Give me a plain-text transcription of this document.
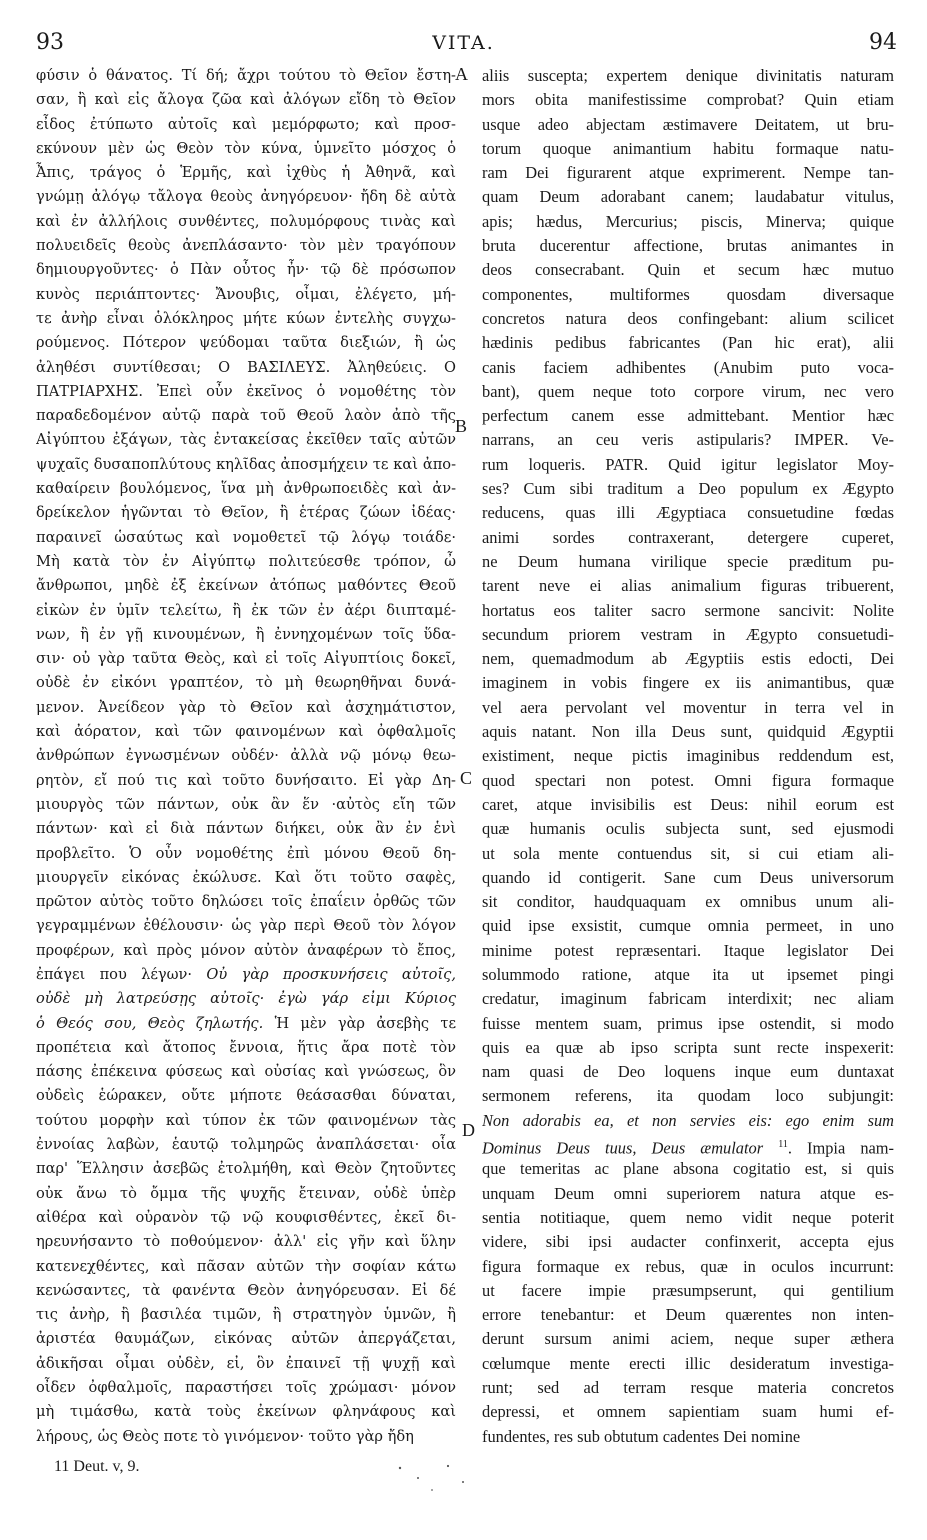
93	VITA.	94
φύσιν ὁ θάνατος. Τί δή; ἄχρι τούτου τὸ Θεῖον ἔστη-
σαν, ἢ καὶ εἰς ἄλογα ζῶα καὶ ἀλόγων εἴδη τὸ Θεῖον
εἶδος ἐτύπωτο αὐτοῖς καὶ μεμόρφωτο; καὶ προσ-
εκύνουν μὲν ὡς Θεὸν τὸν κύνα, ὑμνεῖτο μόσχος ὁ
Ἆπις, τράγος ὁ Ἑρμῆς, καὶ ἰχθὺς ἡ Ἀθηνᾶ, καὶ
γνώμῃ ἀλόγῳ τἄλογα θεοὺς ἀνηγόρευον· ἤδη δὲ αὐτὰ
καὶ ἐν ἀλλήλοις συνθέντες, πολυμόρφους τινὰς καὶ
πολυειδεῖς θεοὺς ἀνεπλάσαντο· τὸν μὲν τραγόπουν
δημιουργοῦντες· ὁ Πὰν οὗτος ἦν· τῷ δὲ πρόσωπον
κυνὸς περιάπτοντες· Ἄνουβις, οἶμαι, ἐλέγετο, μή-
τε ἀνὴρ εἶναι ὁλόκληρος μήτε κύων ἐντελὴς συγχω-
ρούμενος. Πότερον ψεύδομαι ταῦτα διεξιών, ἢ ὡς
ἀληθέσι συντίθεσαι; Ο ΒΑΣΙΛΕΥΣ. Ἀληθεύεις. Ο
ΠΑΤΡΙΑΡΧΗΣ. Ἐπεὶ οὖν ἐκεῖνος ὁ νομοθέτης τὸν
παραδεδομένον αὐτῷ παρὰ τοῦ Θεοῦ λαὸν ἀπὸ τῆς
Αἰγύπτου ἐξάγων, τὰς ἐντακείσας ἐκεῖθεν ταῖς αὐτῶν
ψυχαῖς δυσαποπλύτους κηλῖδας ἀποσμήχειν τε καὶ ἀπο-
καθαίρειν βουλόμενος, ἵνα μὴ ἀνθρωποειδὲς καὶ ἀν-
δρείκελον ἡγῶνται τὸ Θεῖον, ἢ ἑτέρας ζώων ἰδέας·
παραινεῖ ὡσαύτως καὶ νομοθετεῖ τῷ λόγῳ τοιάδε·
Μὴ κατὰ τὸν ἐν Αἰγύπτῳ πολιτεύεσθε τρόπον, ὦ
ἄνθρωποι, μηδὲ ἐξ ἐκείνων ἀτόπως μαθόντες Θεοῦ
εἰκὼν ἐν ὑμῖν τελείτω, ἢ ἐκ τῶν ἐν ἀέρι διιπταμέ-
νων, ἢ ἐν γῇ κινουμένων, ἢ ἐννηχομένων τοῖς ὕδα-
σιν· οὐ γὰρ ταῦτα Θεὸς, καὶ εἰ τοῖς Αἰγυπτίοις δοκεῖ,
οὐδὲ ἐν εἰκόνι γραπτέον, τὸ μὴ θεωρηθῆναι δυνά-
μενον. Ἀνείδεον γὰρ τὸ Θεῖον καὶ ἀσχημάτιστον,
καὶ ἀόρατον, καὶ τῶν φαινομένων καὶ ὀφθαλμοῖς
ἀνθρώπων ἐγνωσμένων οὐδέν· ἀλλὰ νῷ μόνῳ θεω-
ρητὸν, εἴ πού τις καὶ τοῦτο δυνήσαιτο. Εἰ γὰρ Δη-
μιουργὸς τῶν πάντων, οὐκ ἂν ἕν ·αὐτὸς εἴη τῶν
πάντων· καὶ εἰ διὰ πάντων διήκει, οὐκ ἂν ἐν ἑνὶ
προβλεῖτο. Ὁ οὖν νομοθέτης ἐπὶ μόνου Θεοῦ δη-
μιουργεῖν εἰκόνας ἐκώλυσε. Καὶ ὅτι τοῦτο σαφὲς,
πρῶτον αὐτὸς τοῦτο δηλώσει τοῖς ἐπαΐειν ὀρθῶς τῶν
γεγραμμένων ἐθέλουσιν· ὡς γὰρ περὶ Θεοῦ τὸν λόγον
προφέρων, καὶ πρὸς μόνον αὐτὸν ἀναφέρων τὸ ἔπος,
ἐπάγει που λέγων· Οὐ γὰρ προσκυνήσεις αὐτοῖς,
οὐδὲ μὴ λατρεύσῃς αὐτοῖς· ἐγὼ γάρ εἰμι Κύριος
ὁ Θεός σου, Θεὸς ζηλωτής. Ἡ μὲν γὰρ ἀσεβὴς τε
προπέτεια καὶ ἄτοπος ἔννοια, ἥτις ἄρα ποτὲ τὸν
πάσης ἐπέκεινα φύσεως καὶ οὐσίας καὶ γνώσεως, ὃν
οὐδεὶς ἑώρακεν, οὔτε μήποτε θεάσασθαι δύναται,
τούτου μορφὴν καὶ τύπον ἐκ τῶν φαινομένων τὰς
ἐννοίας λαβὼν, ἑαυτῷ τολμηρῶς ἀναπλάσεται· οἷα
παρ' Ἕλλησιν ἀσεβῶς ἐτολμήθη, καὶ Θεὸν ζητοῦντες
οὐκ ἄνω τὸ ὄμμα τῆς ψυχῆς ἔτειναν, οὐδὲ ὑπὲρ
αἰθέρα καὶ οὐρανὸν τῷ νῷ κουφισθέντες, ἐκεῖ δι-
ηρευνήσαντο τὸ ποθούμενον· ἀλλ' εἰς γῆν καὶ ὕλην
κατενεχθέντες, καὶ πᾶσαν αὐτῶν τὴν σοφίαν κάτω
κενώσαντες, τὰ φανέντα Θεὸν ἀνηγόρευσαν. Εἰ δέ
τις ἀνὴρ, ἢ βασιλέα τιμῶν, ἢ στρατηγὸν ὑμνῶν, ἢ
ἀριστέα θαυμάζων, εἰκόνας αὐτῶν ἀπεργάζεται,
ἀδικῆσαι οἶμαι οὐδὲν, εἰ, ὃν ἐπαινεῖ τῇ ψυχῇ καὶ
οἶδεν ὀφθαλμοῖς, παραστήσει τοῖς χρώμασι· μόνον
μὴ τιμάσθω, κατὰ τοὺς ἐκείνων φληνάφους καὶ
λήρους, ὡς Θεὸς ποτε τὸ γινόμενον· τοῦτο γὰρ ἤδη
aliis suscepta; expertem denique divinitatis naturam
mors obita manifestissime comprobat? Quin etiam
usque adeo abjectam æstimavere Deitatem, ut bru-
torum quoque animantium habitu formaque natu-
ram Dei figurarent atque exprimerent. Nempe tan-
quam Deum adorabant canem; laudabatur vitulus,
apis; hædus, Mercurius; piscis, Minerva; quique
bruta ducerentur affectione, brutas animantes in
deos consecrabant. Quin et secum hæc mutuo
componentes, multiformes quosdam diversaque
concretos natura deos confingebant: alium scilicet
hædinis pedibus fabricantes (Pan hic erat), alii
canis faciem adhibentes (Anubim puto voca-
bant), quem neque toto corpore virum, nec vero
perfectum canem esse admittebant. Mentior hæc
narrans, an ceu veris astipularis? IMPER. Ve-
rum loqueris. PATR. Quid igitur legislator Moy-
ses? Cum sibi traditum a Deo populum ex Ægypto
reducens, quas illi Ægyptiaca consuetudine fœdas
animi sordes contraxerant, detergere cuperet,
ne Deum humana virilique specie præditum pu-
tarent neve ei alias animalium figuras tribuerent,
hortatus eos taliter sacro sermone sancivit: Nolite
secundum priorem vestram in Ægypto consuetudi-
nem, quemadmodum ab Ægyptiis estis edocti, Dei
imaginem in vobis fingere ex iis animantibus, quæ
vel aera pervolant vel moventur in terra vel in
aquis natant. Non illa Deus sunt, quidquid Ægyptii
existiment, neque pictis imaginibus reddendum est,
quod spectari non potest. Omni figura formaque
caret, atque invisibilis est Deus: nihil eorum est
quæ humanis oculis subjecta sunt, sed ejusmodi
ut sola mente contuendus sit, si cui etiam ali-
quando id contigerit. Sane cum Deus universorum
sit conditor, haudquaquam ex omnibus unum ali-
quid ipse exsistit, cumque omnia permeet, in uno
minime potest repræsentari. Itaque legislator Dei
solummodo ratione, atque ita ut ipsemet pingi
credatur, imaginum fabricam interdixit; nec aliam
fuisse mentem suam, primus ipse ostendit, si modo
quis ea quæ ab ipso scripta sunt recte inspexerit:
nam quasi de Deo loquens inque eum duntaxat
sermonem referens, ita quodam loco subjungit:
Non adorabis ea, et non servies eis: ego enim sum
Dominus Deus tuus, Deus æmulator $^{11}$. Impia nam-
que temeritas ac plane absona cogitatio est, si quis
unquam Deum omni superiorem natura atque es-
sentia notitiaque, quem nemo vidit neque poterit
videre, sibi ipsi audacter confinxerit, accepta ejus
figura formaque ex rebus, quæ in oculos incurrunt:
ut facere impie præsumpserunt, qui gentilium
errore tenebantur: et Deum quærentes non inten-
derunt sursum animi aciem, neque super æthera
cœlumque mente erecti illic desideratum investiga-
runt; sed ad terram resque materia concretos
depressi, et omnem sapientiam suam humi ef-
fundentes, res sub obtutum cadentes Dei nomine
A
B
C
D
11 Deut. v, 9.
